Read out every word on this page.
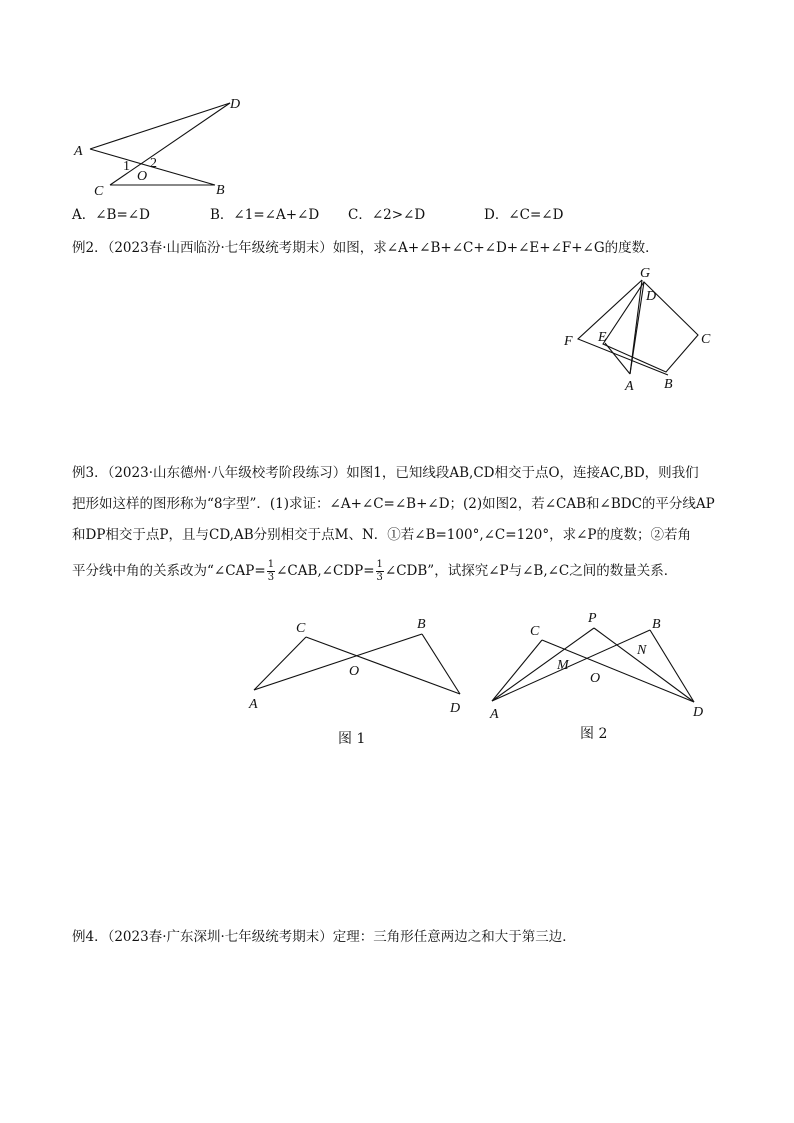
A
D
C	B
O
1 2
A．∠B=∠D	B．∠1=∠A+∠D C．∠2>∠D	D．∠C=∠D
例2．（2023春·山西临汾·七年级统考期末）如图，求∠A+∠B+∠C+∠D+∠E+∠F+∠G的度数．
G
D
F E	C
A B
例3．（2023·山东德州·八年级校考阶段练习）如图1，已知线段AB,CD相交于点O，连接AC,BD，则我们
把形如这样的图形称为“8字型”．(1)求证：∠A+∠C=∠B+∠D；(2)如图2，若∠CAB和∠BDC的平分线AP
和DP相交于点P，且与CD,AB分别相交于点M、N．①若∠B=100°,∠C=120°，求∠P的度数；②若角
平分线中角的关系改为“∠CAP= $\frac{1}{3}$ ∠CAB,∠CDP= $\frac{1}{3}$ ∠CDB”，试探究∠P与∠B,∠C之间的数量关系．
C	B
O
A	D
图 1
C
P	B
M
N
O
A	D
图 2
例4．（2023春·广东深圳·七年级统考期末）定理：三角形任意两边之和大于第三边．
